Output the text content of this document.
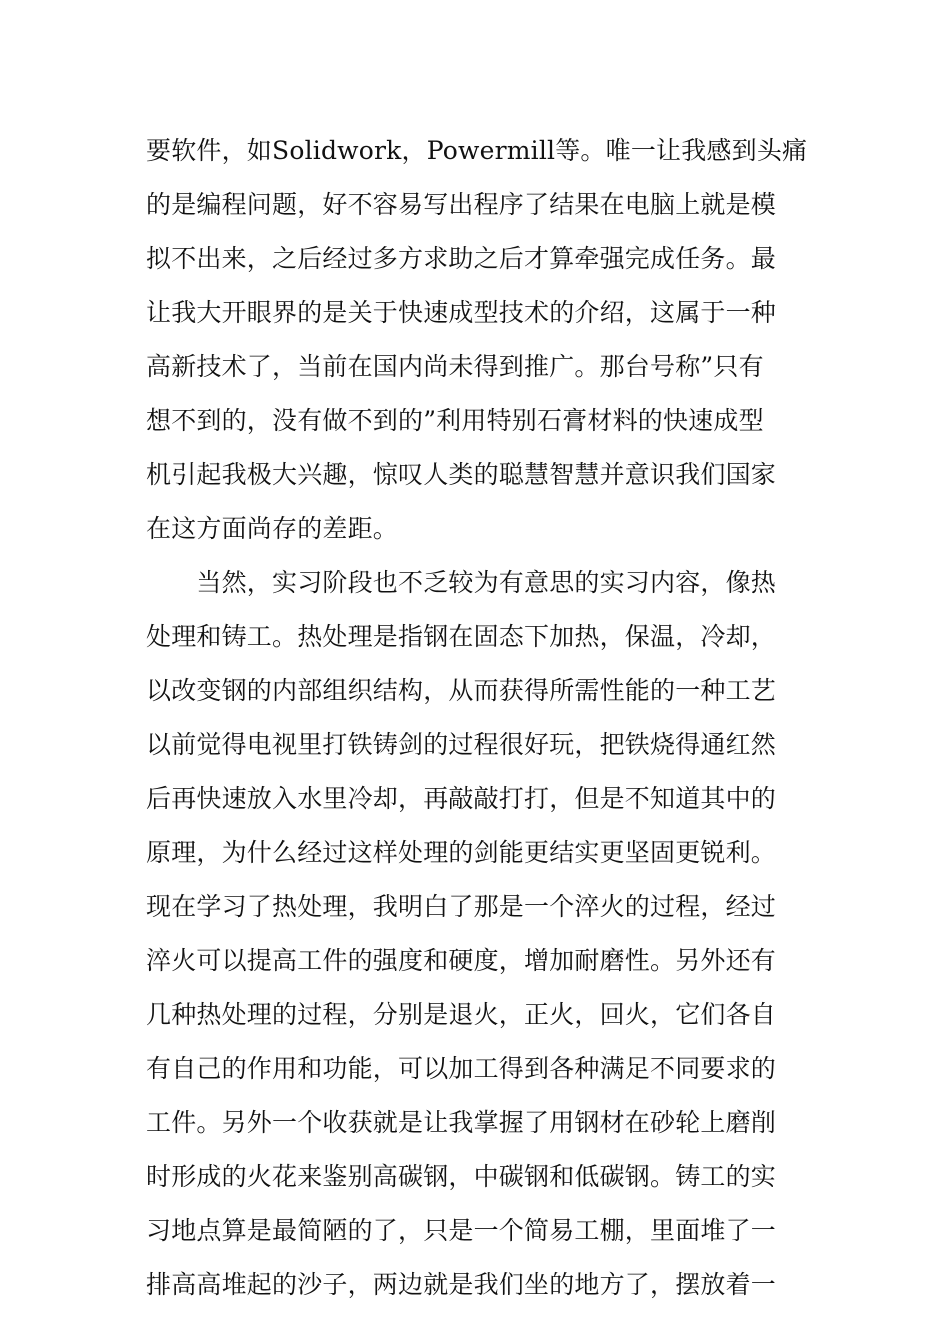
要软件，如Solidwork，Powermill等。唯一让我感到头痛
的是编程问题，好不容易写出程序了结果在电脑上就是模
拟不出来，之后经过多方求助之后才算牵强完成任务。最
让我大开眼界的是关于快速成型技术的介绍，这属于一种
高新技术了，当前在国内尚未得到推广。那台号称”只有
想不到的，没有做不到的”利用特别石膏材料的快速成型
机引起我极大兴趣，惊叹人类的聪慧智慧并意识我们国家
在这方面尚存的差距。
　　当然，实习阶段也不乏较为有意思的实习内容，像热
处理和铸工。热处理是指钢在固态下加热，保温，冷却，
以改变钢的内部组织结构，从而获得所需性能的一种工艺
以前觉得电视里打铁铸剑的过程很好玩，把铁烧得通红然
后再快速放入水里冷却，再敲敲打打，但是不知道其中的
原理，为什么经过这样处理的剑能更结实更坚固更锐利。
现在学习了热处理，我明白了那是一个淬火的过程，经过
淬火可以提高工件的强度和硬度，增加耐磨性。另外还有
几种热处理的过程，分别是退火，正火，回火，它们各自
有自己的作用和功能，可以加工得到各种满足不同要求的
工件。另外一个收获就是让我掌握了用钢材在砂轮上磨削
时形成的火花来鉴别高碳钢，中碳钢和低碳钢。铸工的实
习地点算是最简陋的了，只是一个简易工棚，里面堆了一
排高高堆起的沙子，两边就是我们坐的地方了，摆放着一
